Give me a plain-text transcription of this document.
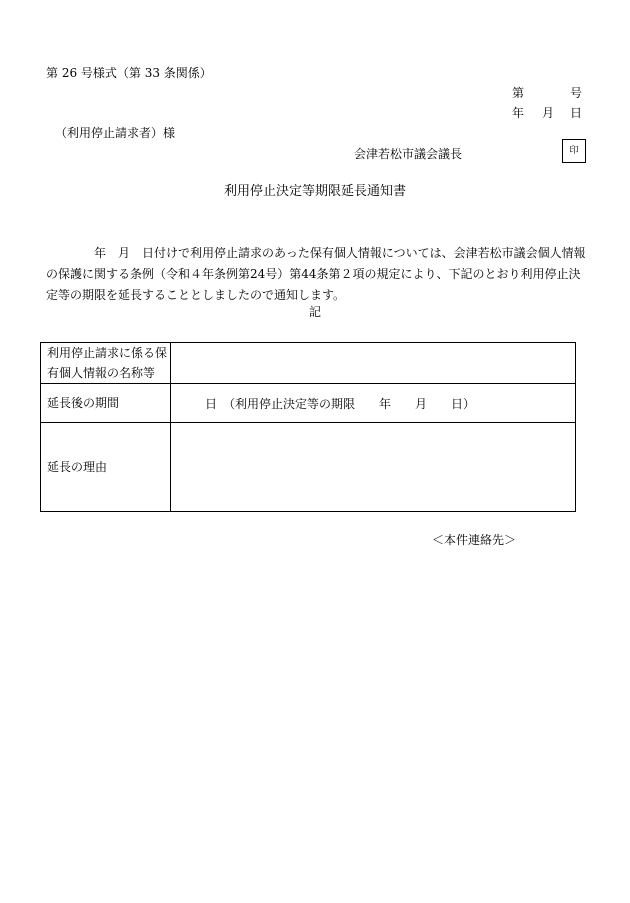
第 26 号様式（第 33 条関係）
第	号
年 月 日
（利用停止請求者）様
会津若松市議会議長	印
利用停止決定等期限延長通知書
　　　　年　月　日付けで利用停止請求のあった保有個人情報については、会津若松市議会個人情報
の保護に関する条例（令和４年条例第24号）第44条第２項の規定により、下記のとおり利用停止決
定等の期限を延長することとしましたので通知します。
記
利用停止請求に係る保
有個人情報の名称等	

延長後の期間	日　（利用停止決定等の期限　　年　　月　　日）
延長の理由	
＜本件連絡先＞
